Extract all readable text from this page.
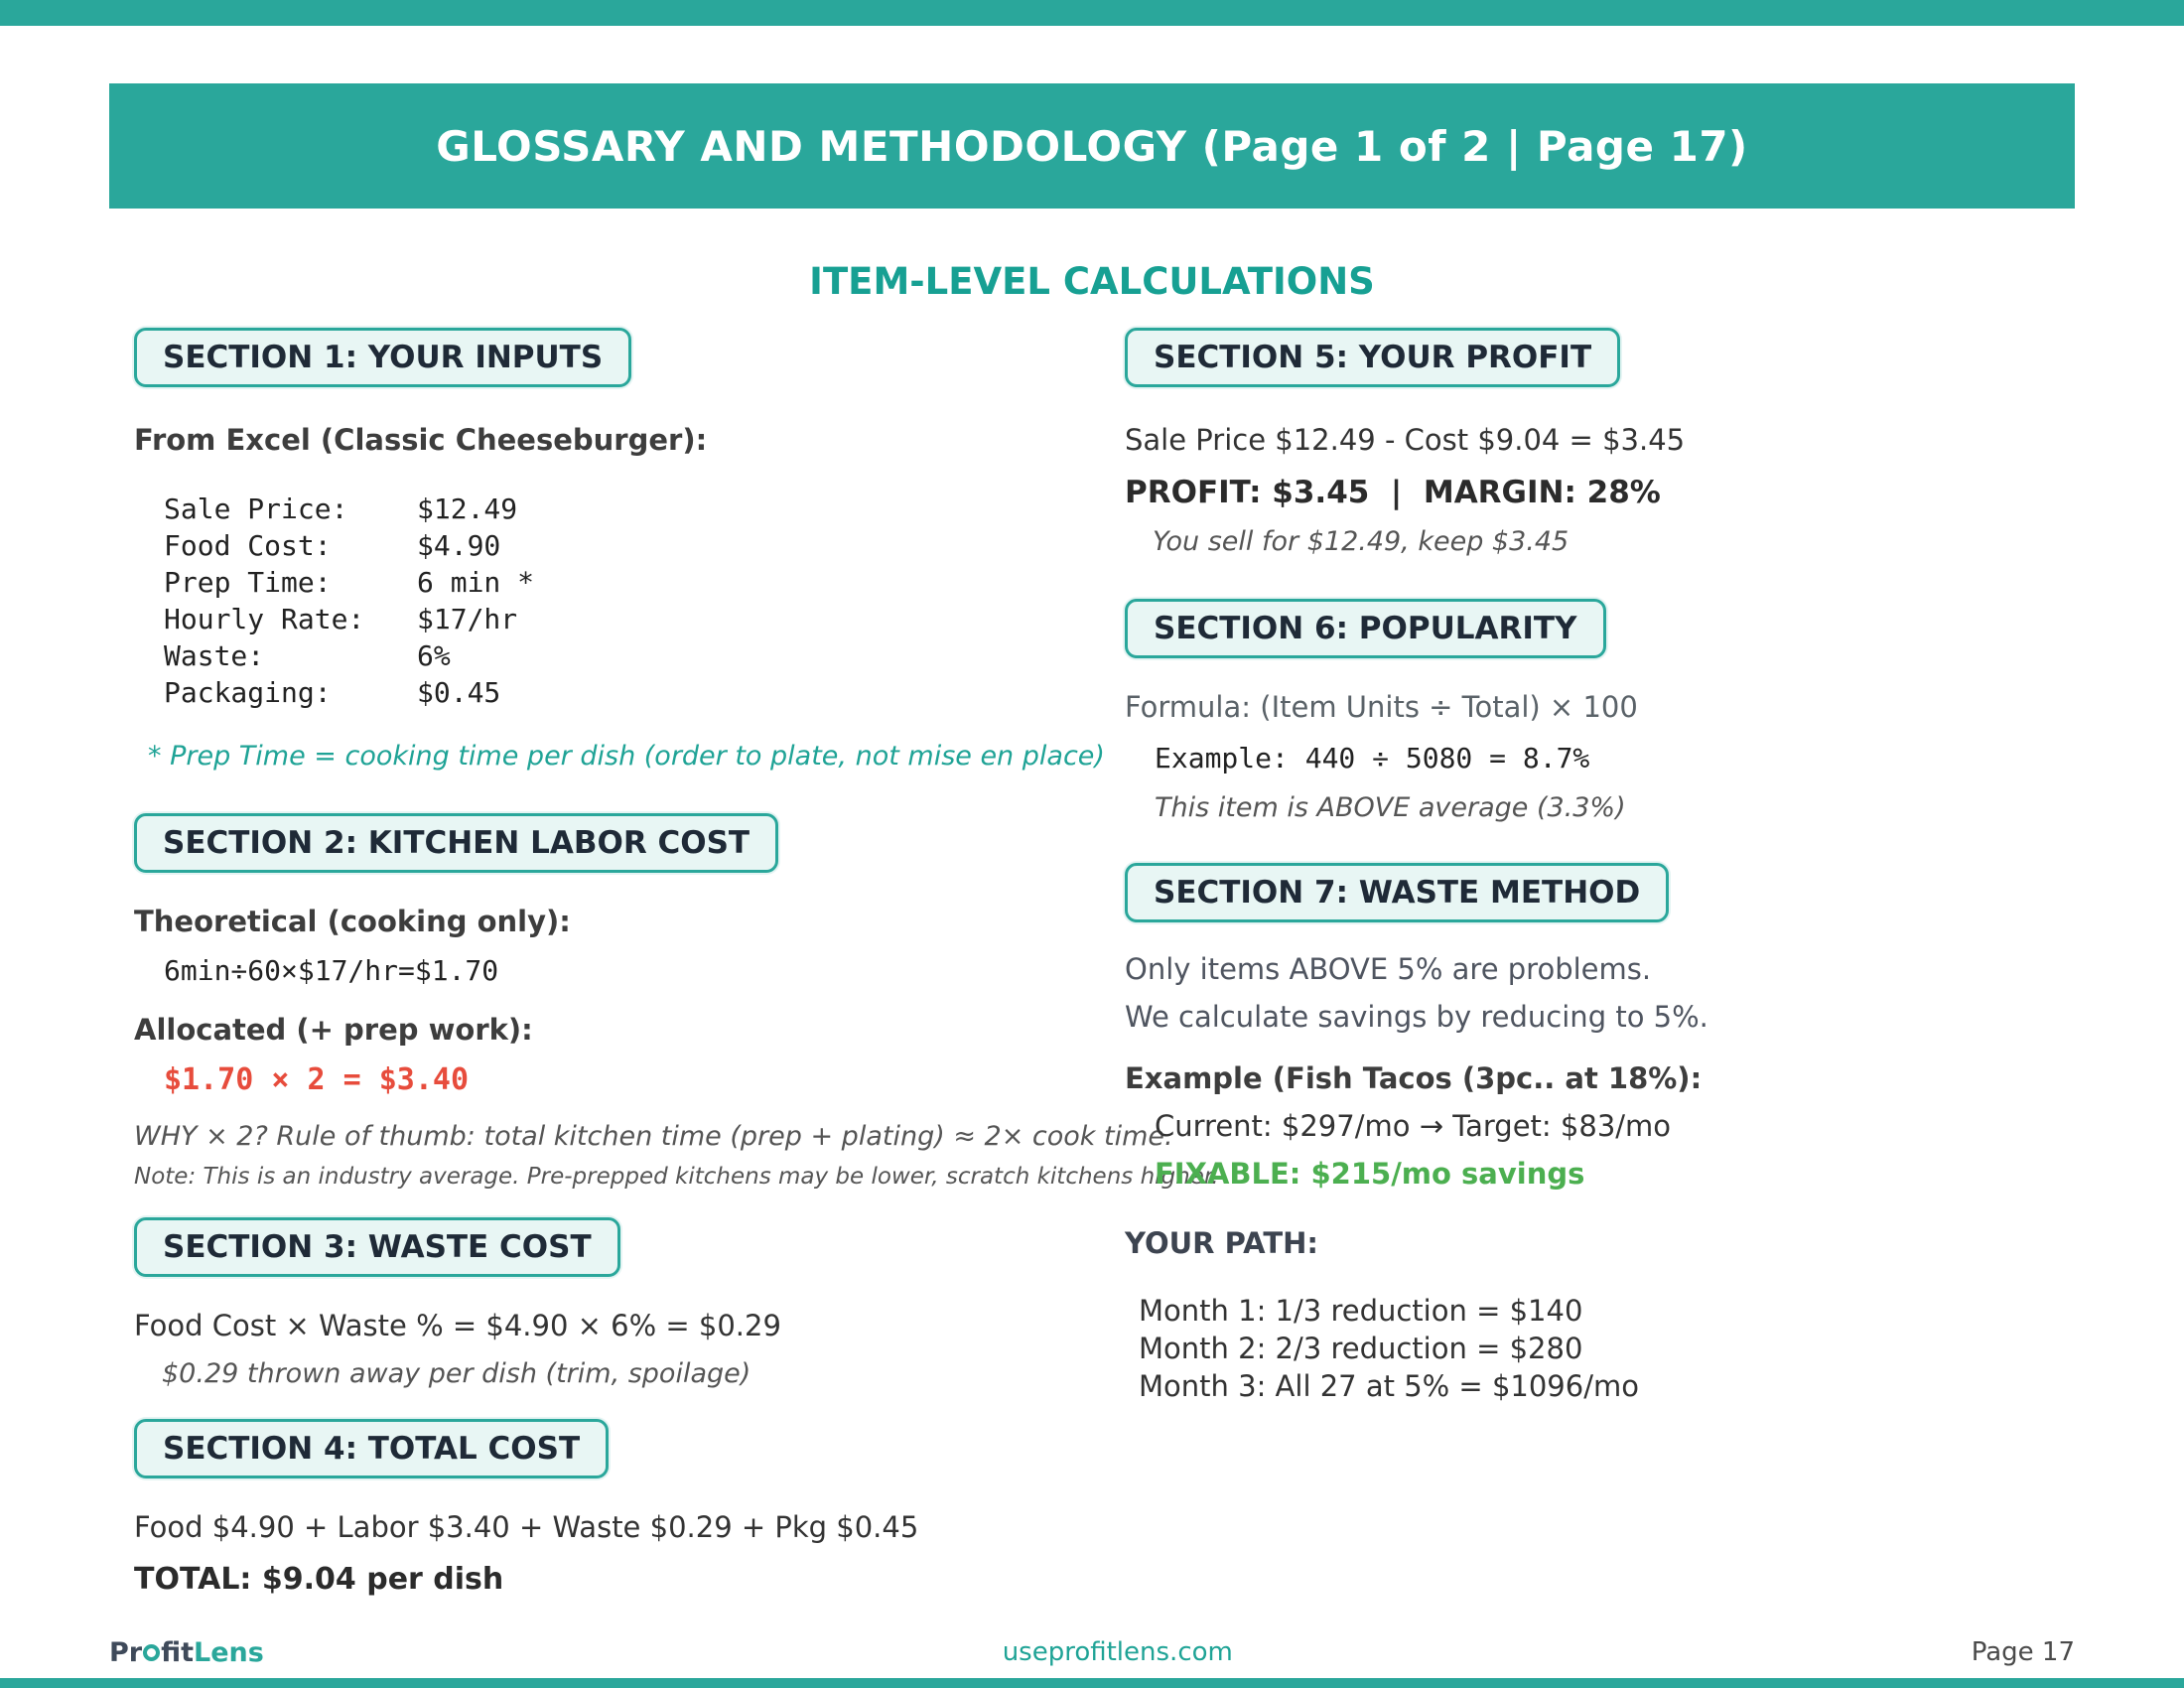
GLOSSARY AND METHODOLOGY (Page 1 of 2 | Page 17)
ITEM-LEVEL CALCULATIONS
SECTION 1: YOUR INPUTS
From Excel (Classic Cheeseburger):
Sale Price: $12.49
Food Cost:	$4.90
Prep Time:	6 min *
Hourly Rate: $17/hr
Waste:	6%
Packaging:	$0.45
* Prep Time = cooking time per dish (order to plate, not mise en place)
SECTION 2: KITCHEN LABOR COST
Theoretical (cooking only):
6min÷60×$17/hr=$1.70
Allocated (+ prep work):
$1.70 × 2 = $3.40
WHY × 2? Rule of thumb: total kitchen time (prep + plating) ≈ 2× cook time.
Note: This is an industry average. Pre-prepped kitchens may be lower, scratch kitchens higher.
SECTION 3: WASTE COST
Food Cost × Waste % = $4.90 × 6% = $0.29
$0.29 thrown away per dish (trim, spoilage)
SECTION 4: TOTAL COST
Food $4.90 + Labor $3.40 + Waste $0.29 + Pkg $0.45
TOTAL: $9.04 per dish
SECTION 5: YOUR PROFIT
Sale Price $12.49 - Cost $9.04 = $3.45
PROFIT: $3.45  |  MARGIN: 28%
You sell for $12.49, keep $3.45
SECTION 6: POPULARITY
Formula: (Item Units ÷ Total) × 100
Example: 440 ÷ 5080 = 8.7%
This item is ABOVE average (3.3%)
SECTION 7: WASTE METHOD
Only items ABOVE 5% are problems.
We calculate savings by reducing to 5%.
Example (Fish Tacos (3pc.. at 18%):
Current: $297/mo → Target: $83/mo
FIXABLE: $215/mo savings
YOUR PATH:
Month 1: 1/3 reduction = $140
Month 2: 2/3 reduction = $280
Month 3: All 27 at 5% = $1096/mo
Pr fit Lens	useprofitlens.com	Page 17
